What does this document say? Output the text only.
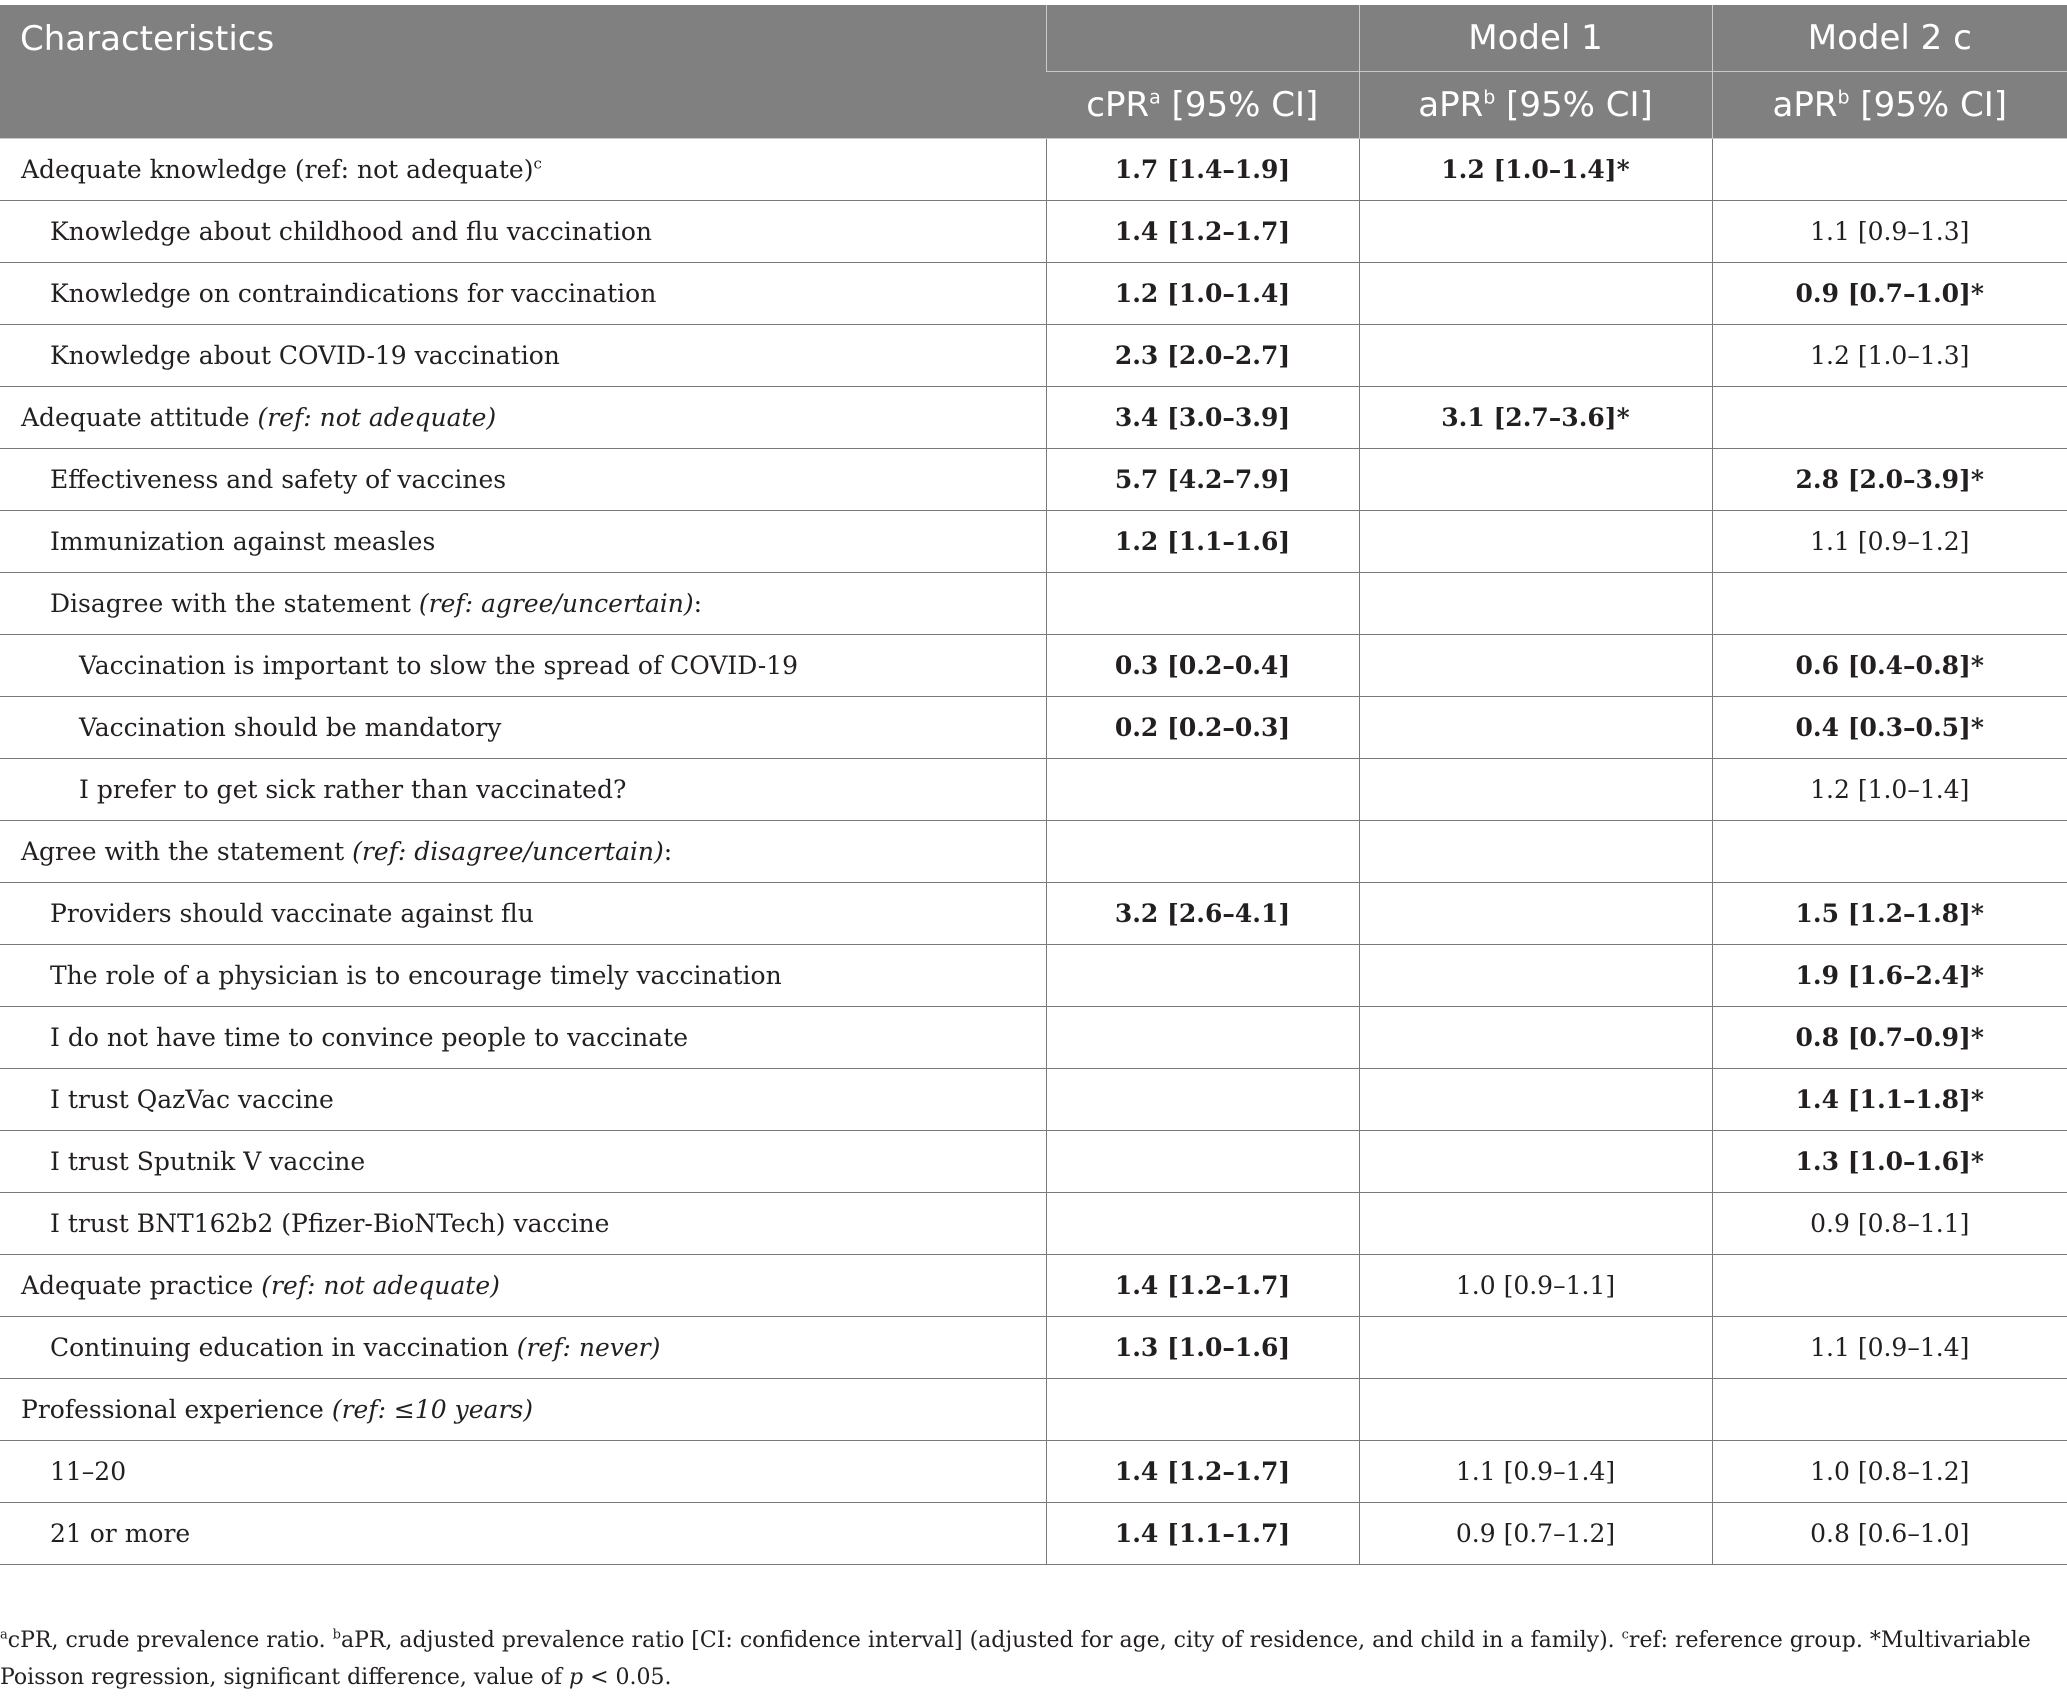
Characteristics		Model 1	Model 2 c
	cPR$^a$ [95% CI]	aPR$^b$ [95% CI]	aPR$^b$ [95% CI]
Adequate knowledge (ref: not adequate)$^c$	1.7 [1.4–1.9]	1.2 [1.0–1.4]*	
Knowledge about childhood and flu vaccination	1.4 [1.2–1.7]		1.1 [0.9–1.3]
Knowledge on contraindications for vaccination	1.2 [1.0–1.4]		0.9 [0.7–1.0]*
Knowledge about COVID-19 vaccination	2.3 [2.0–2.7]		1.2 [1.0–1.3]
Adequate attitude (ref: not adequate)	3.4 [3.0–3.9]	3.1 [2.7–3.6]*	
Effectiveness and safety of vaccines	5.7 [4.2–7.9]		2.8 [2.0–3.9]*
Immunization against measles	1.2 [1.1–1.6]		1.1 [0.9–1.2]
Disagree with the statement (ref: agree/uncertain):			
Vaccination is important to slow the spread of COVID-19	0.3 [0.2–0.4]		0.6 [0.4–0.8]*
Vaccination should be mandatory	0.2 [0.2–0.3]		0.4 [0.3–0.5]*
I prefer to get sick rather than vaccinated?			1.2 [1.0–1.4]
Agree with the statement (ref: disagree/uncertain):			
Providers should vaccinate against flu	3.2 [2.6–4.1]		1.5 [1.2–1.8]*
The role of a physician is to encourage timely vaccination			1.9 [1.6–2.4]*
I do not have time to convince people to vaccinate			0.8 [0.7–0.9]*
I trust QazVac vaccine			1.4 [1.1–1.8]*
I trust Sputnik V vaccine			1.3 [1.0–1.6]*
I trust BNT162b2 (Pfizer-BioNTech) vaccine			0.9 [0.8–1.1]
Adequate practice (ref: not adequate)	1.4 [1.2–1.7]	1.0 [0.9–1.1]	
Continuing education in vaccination (ref: never)	1.3 [1.0–1.6]		1.1 [0.9–1.4]
Professional experience (ref: ≤10 years)			
11–20	1.4 [1.2–1.7]	1.1 [0.9–1.4]	1.0 [0.8–1.2]
21 or more	1.4 [1.1–1.7]	0.9 [0.7–1.2]	0.8 [0.6–1.0]
$^a$cPR, crude prevalence ratio. $^b$aPR, adjusted prevalence ratio [CI: confidence interval] (adjusted for age, city of residence, and child in a family). $^c$ref: reference group. *Multivariable Poisson regression, significant difference, value of p < 0.05.
